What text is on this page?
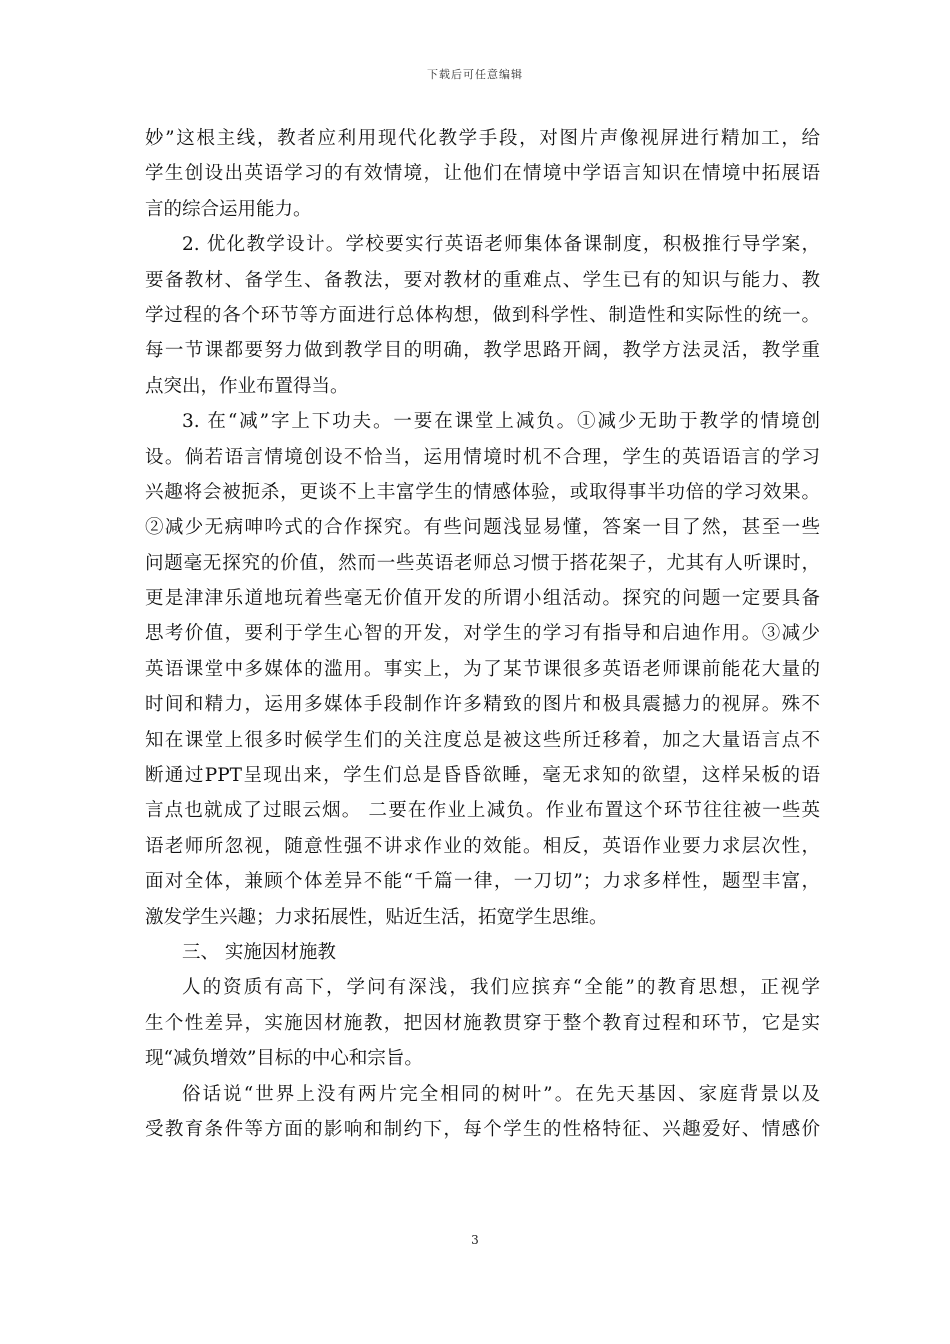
下载后可任意编辑
妙”这根主线，教者应利用现代化教学手段，对图片声像视屏进行精加工，给
学生创设出英语学习的有效情境，让他们在情境中学语言知识在情境中拓展语
言的综合运用能力。
2. 优化教学设计。学校要实行英语老师集体备课制度，积极推行导学案，
要备教材、备学生、备教法，要对教材的重难点、学生已有的知识与能力、教
学过程的各个环节等方面进行总体构想，做到科学性、制造性和实际性的统一。
每一节课都要努力做到教学目的明确，教学思路开阔，教学方法灵活，教学重
点突出，作业布置得当。
3. 在“减”字上下功夫。一要在课堂上减负。①减少无助于教学的情境创
设。倘若语言情境创设不恰当，运用情境时机不合理，学生的英语语言的学习
兴趣将会被扼杀，更谈不上丰富学生的情感体验，或取得事半功倍的学习效果。
②减少无病呻吟式的合作探究。有些问题浅显易懂，答案一目了然，甚至一些
问题毫无探究的价值，然而一些英语老师总习惯于搭花架子，尤其有人听课时，
更是津津乐道地玩着些毫无价值开发的所谓小组活动。探究的问题一定要具备
思考价值，要利于学生心智的开发，对学生的学习有指导和启迪作用。③减少
英语课堂中多媒体的滥用。事实上，为了某节课很多英语老师课前能花大量的
时间和精力，运用多媒体手段制作许多精致的图片和极具震撼力的视屏。殊不
知在课堂上很多时候学生们的关注度总是被这些所迁移着，加之大量语言点不
断通过PPT呈现出来，学生们总是昏昏欲睡，毫无求知的欲望，这样呆板的语
言点也就成了过眼云烟。 二要在作业上减负。作业布置这个环节往往被一些英
语老师所忽视，随意性强不讲求作业的效能。相反，英语作业要力求层次性，
面对全体，兼顾个体差异不能“千篇一律，一刀切”；力求多样性，题型丰富，
激发学生兴趣；力求拓展性，贴近生活，拓宽学生思维。
三、 实施因材施教
人的资质有高下，学问有深浅，我们应摈弃“全能”的教育思想，正视学
生个性差异，实施因材施教，把因材施教贯穿于整个教育过程和环节，它是实
现“减负增效”目标的中心和宗旨。
俗话说“世界上没有两片完全相同的树叶”。在先天基因、家庭背景以及
受教育条件等方面的影响和制约下，每个学生的性格特征、兴趣爱好、情感价
3
